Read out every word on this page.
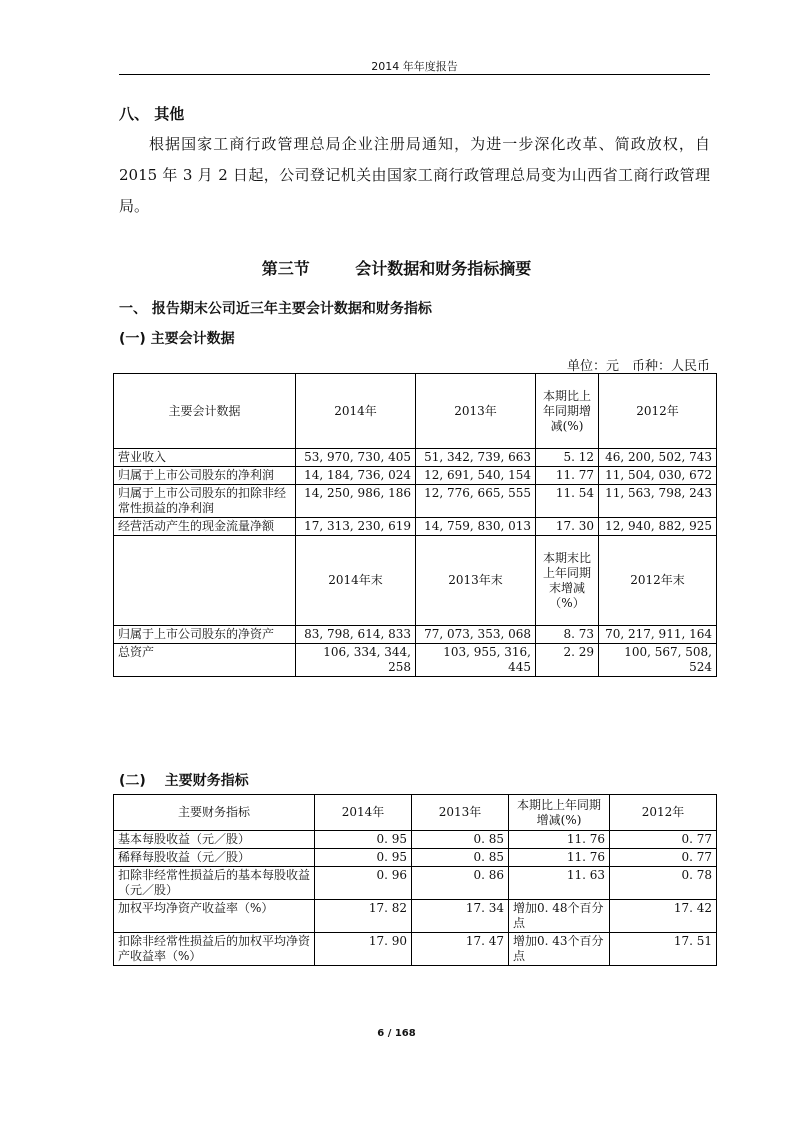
2014 年年度报告
八、 其他

根据国家工商行政管理总局企业注册局通知，为进一步深化改革、简政放权，自 2015 年 3 月 2 日起，公司登记机关由国家工商行政管理总局变为山西省工商行政管理局。

第三节	会计数据和财务指标摘要
一、 报告期末公司近三年主要会计数据和财务指标
(一) 主要会计数据
单位：元　币种：人民币
主要会计数据	2014年	2013年	本期比上年同期增减(%)	2012年
营业收入	53, 970, 730, 405	51, 342, 739, 663	5. 12	46, 200, 502, 743
归属于上市公司股东的净利润	14, 184, 736, 024	12, 691, 540, 154	11. 77	11, 504, 030, 672
归属于上市公司股东的扣除非经常性损益的净利润	14, 250, 986, 186	12, 776, 665, 555	11. 54	11, 563, 798, 243
经营活动产生的现金流量净额	17, 313, 230, 619	14, 759, 830, 013	17. 30	12, 940, 882, 925
	2014年末	2013年末	本期末比上年同期末增减（%）	2012年末
归属于上市公司股东的净资产	83, 798, 614, 833	77, 073, 353, 068	8. 73	70, 217, 911, 164
总资产	106, 334, 344, 258	103, 955, 316, 445	2. 29	100, 567, 508, 524
(二)　 主要财务指标
主要财务指标	2014年	2013年	本期比上年同期增减(%)	2012年
基本每股收益（元／股）	0. 95	0. 85	11. 76	0. 77
稀释每股收益（元／股）	0. 95	0. 85	11. 76	0. 77
扣除非经常性损益后的基本每股收益（元／股）	0. 96	0. 86	11. 63	0. 78
加权平均净资产收益率（%）	17. 82	17. 34	增加0. 48个百分点	17. 42
扣除非经常性损益后的加权平均净资产收益率（%）	17. 90	17. 47	增加0. 43个百分点	17. 51
6 / 168
